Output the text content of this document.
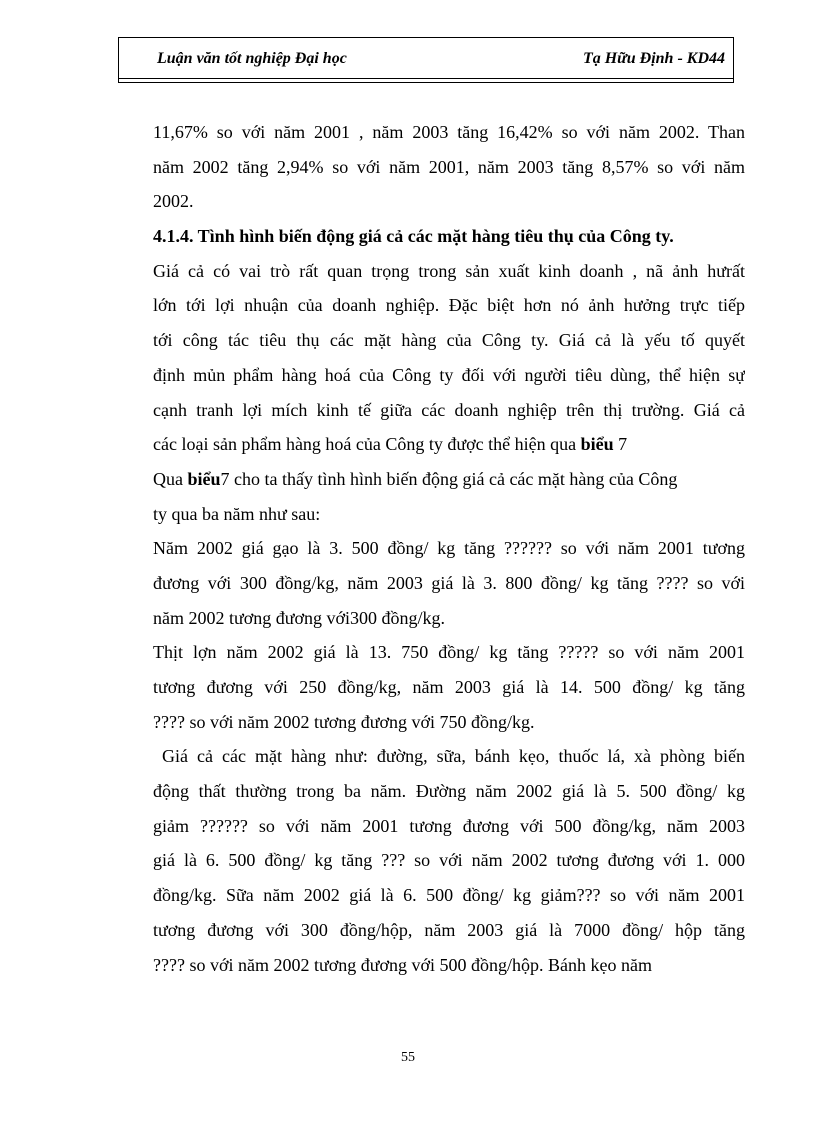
Luận văn tốt nghiệp Đại học	Tạ Hữu Định - KD44
11,67% so với năm 2001 , năm 2003 tăng 16,42% so với năm 2002. Than
năm 2002 tăng 2,94% so với năm 2001, năm 2003 tăng 8,57% so với năm
2002.
4.1.4. Tình hình biến động giá cả các mặt hàng tiêu thụ của Công ty.
Giá cả có vai trò rất quan trọng trong sản xuất kinh doanh , nã ảnh hưrất
lớn tới lợi nhuận của doanh nghiệp. Đặc biệt hơn nó ảnh hưởng trực tiếp
tới công tác tiêu thụ các mặt hàng của Công ty. Giá cả là yếu tố quyết
định mủn phẩm hàng hoá của Công ty đối với người tiêu dùng, thể hiện sự
cạnh tranh lợi mích kinh tế giữa các doanh nghiệp trên thị trường. Giá cả
các loại sản phẩm hàng hoá của Công ty được thể hiện qua biểu 7
Qua biểu7 cho ta thấy tình hình biến động giá cả các mặt hàng của Công
ty qua ba năm như sau:
Năm 2002 giá gạo là 3. 500 đồng/ kg tăng ?????? so với năm 2001 tương
đương với 300 đồng/kg, năm 2003 giá là 3. 800 đồng/ kg tăng ???? so với
năm 2002 tương đương với300 đồng/kg.
Thịt lợn năm 2002 giá là 13. 750 đồng/ kg tăng ????? so với năm 2001
tương đương với 250 đồng/kg, năm 2003 giá là 14. 500 đồng/ kg tăng
???? so với năm 2002 tương đương với 750 đồng/kg.
Giá cả các mặt hàng như: đường, sữa, bánh kẹo, thuốc lá, xà phòng biến
động thất thường trong ba năm. Đường năm 2002 giá là 5. 500 đồng/ kg
giảm ?????? so với năm 2001 tương đương với 500 đồng/kg, năm 2003
giá là 6. 500 đồng/ kg tăng ??? so với năm 2002 tương đương với 1. 000
đồng/kg. Sữa năm 2002 giá là 6. 500 đồng/ kg giảm??? so với năm 2001
tương đương với 300 đồng/hộp, năm 2003 giá là 7000 đồng/ hộp tăng
???? so với năm 2002 tương đương với 500 đồng/hộp. Bánh kẹo năm
55
